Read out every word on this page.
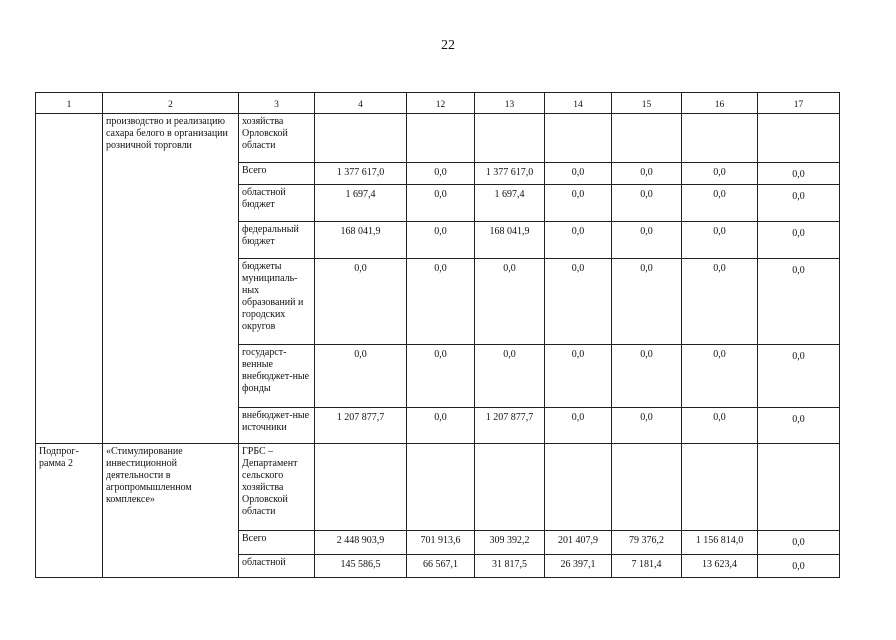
22
1	2	3	4	12	13	14	15	16	17
	производство и реализацию сахара белого в организации розничной торговли	хозяйства Орловской области							
		Всего	1 377 617,0	0,0	1 377 617,0	0,0	0,0	0,0	0,0
		областной бюджет	1 697,4	0,0	1 697,4	0,0	0,0	0,0	0,0
		федеральный бюджет	168 041,9	0,0	168 041,9	0,0	0,0	0,0	0,0
		бюджеты муниципаль-ных образований и городских округов	0,0	0,0	0,0	0,0	0,0	0,0	0,0
		государст-венные внебюджет-ные фонды	0,0	0,0	0,0	0,0	0,0	0,0	0,0
		внебюджет-ные источники	1 207 877,7	0,0	1 207 877,7	0,0	0,0	0,0	0,0
Подпрог-рамма 2	«Стимулирование инвестиционной деятельности в агропромышленном комплексе»	ГРБС – Департамент сельского хозяйства Орловской области							
		Всего	2 448 903,9	701 913,6	309 392,2	201 407,9	79 376,2	1 156 814,0	0,0
		областной	145 586,5	66 567,1	31 817,5	26 397,1	7 181,4	13 623,4	0,0
